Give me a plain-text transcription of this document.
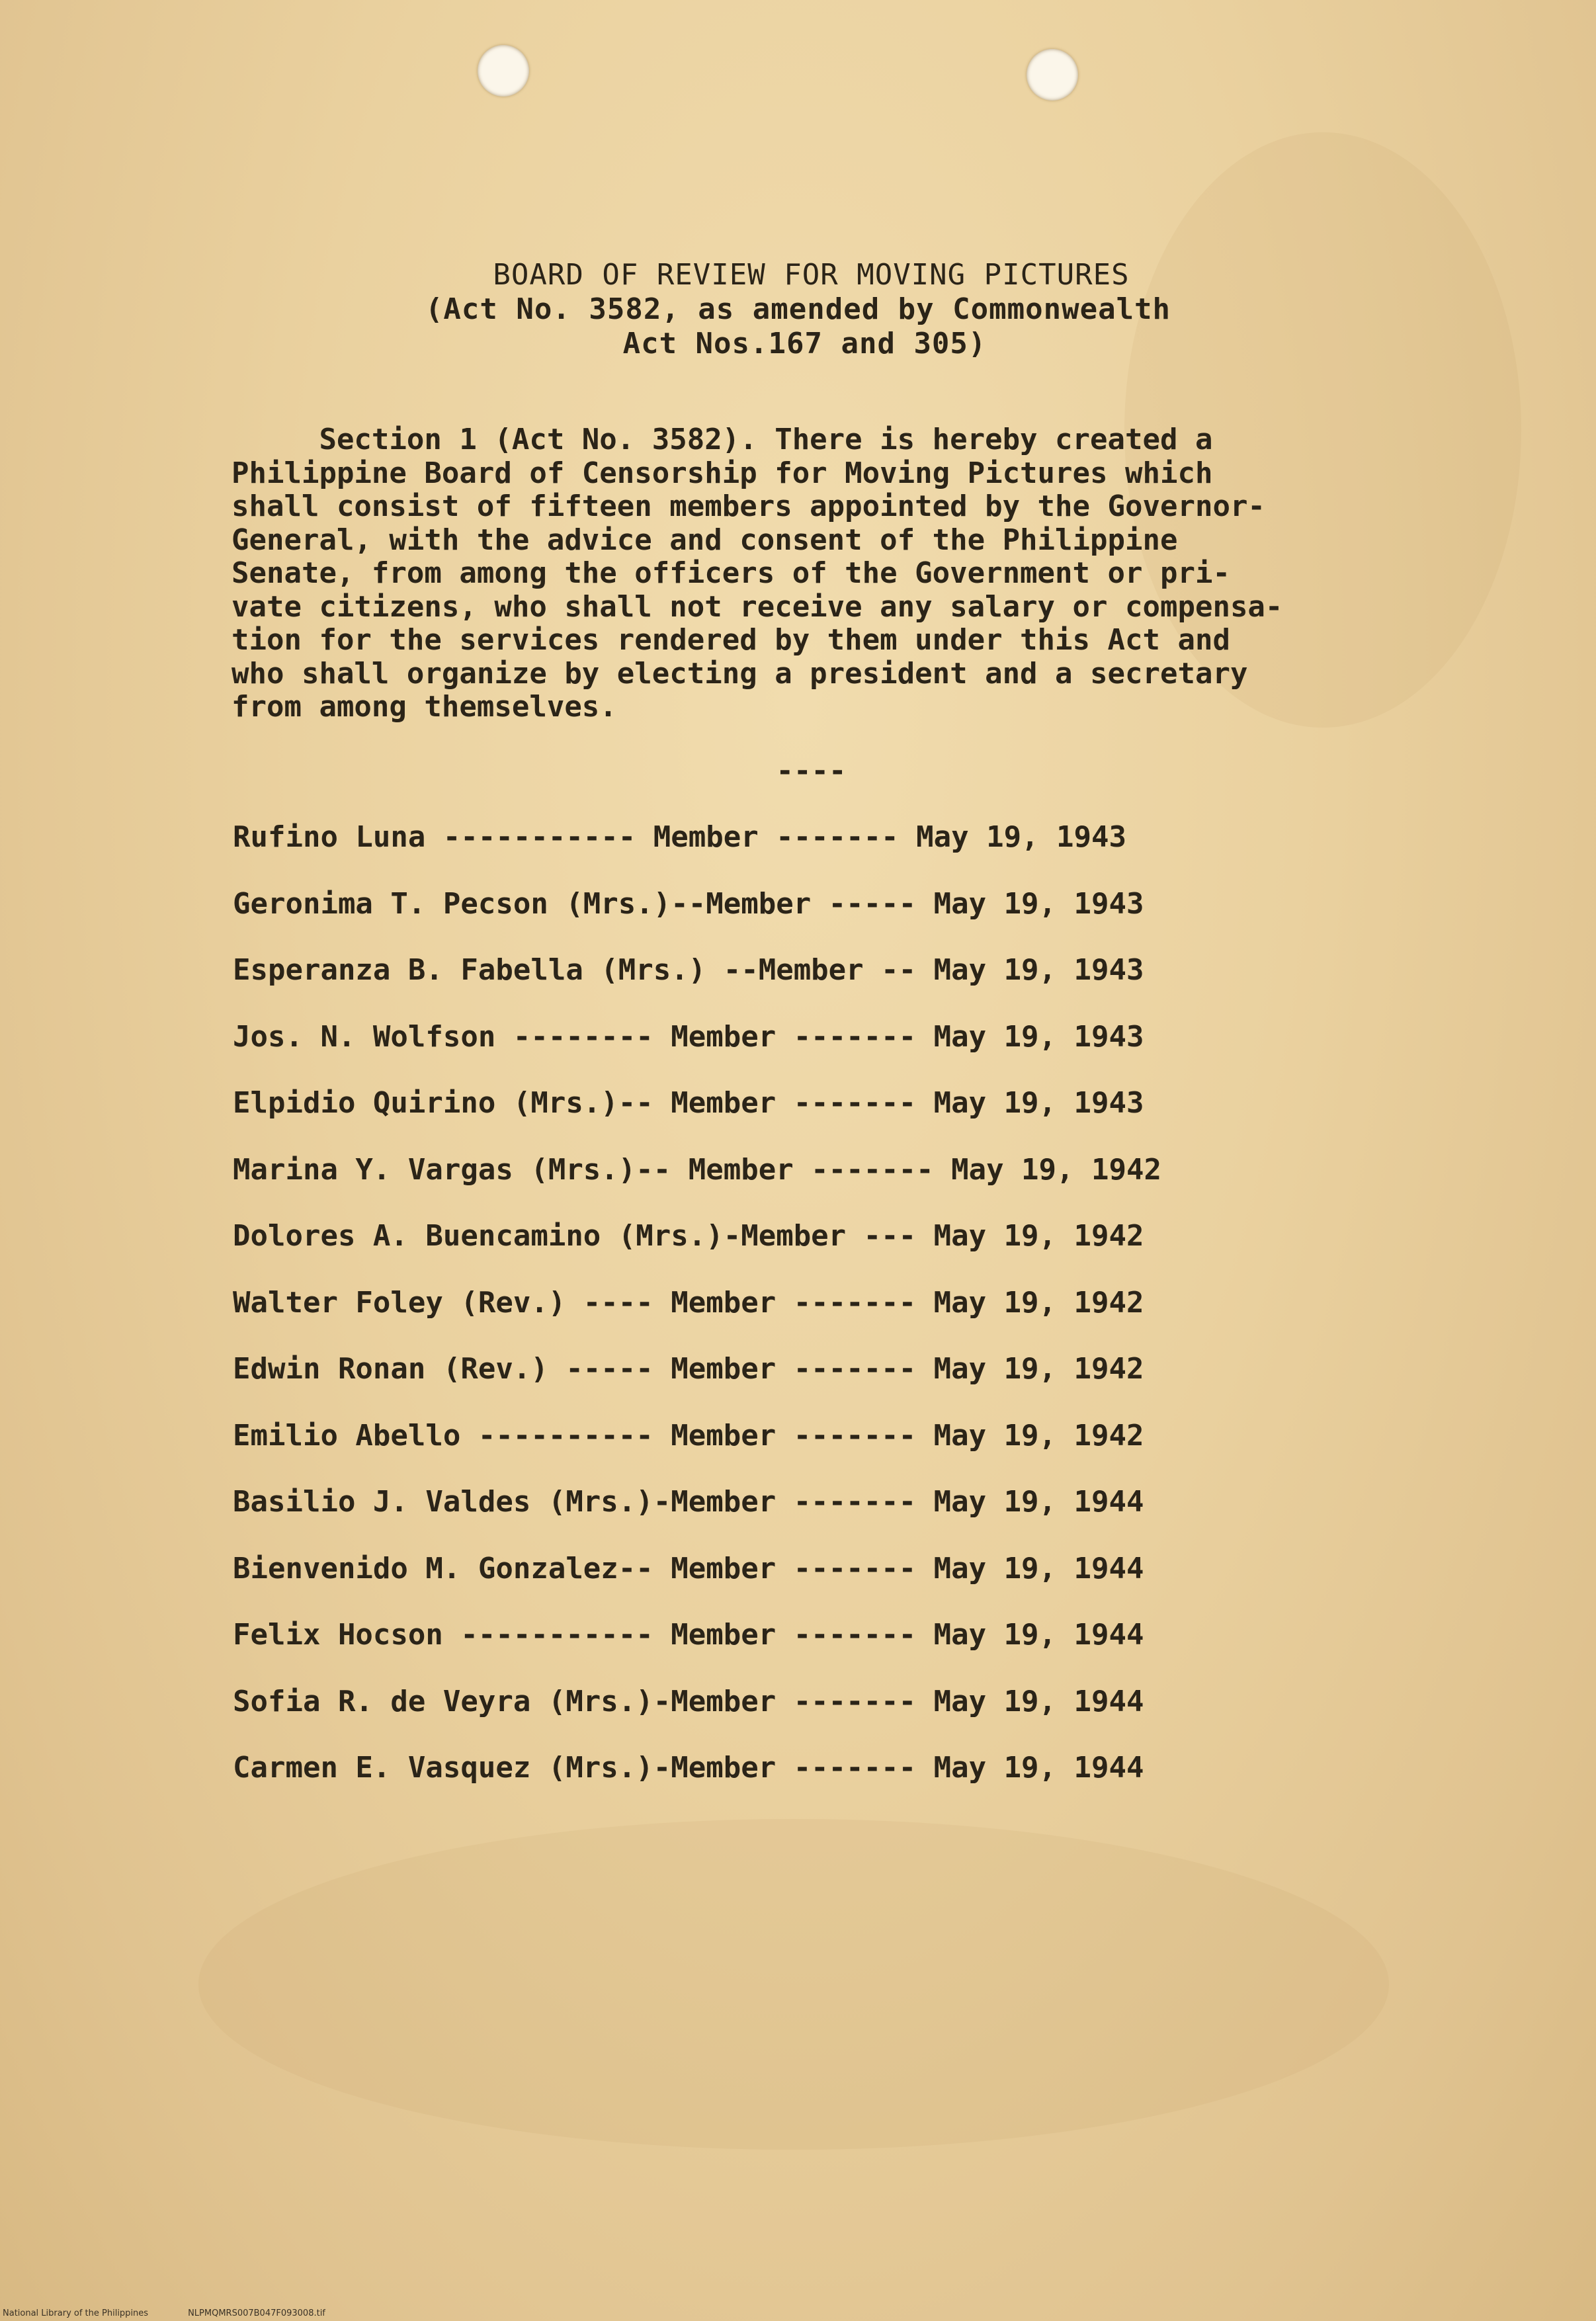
BOARD OF REVIEW FOR MOVING PICTURES
(Act No. 3582, as amended by Commonwealth
Act Nos.167 and 305)
Section 1 (Act No. 3582). There is hereby created a
Philippine Board of Censorship for Moving Pictures which
shall consist of fifteen members appointed by the Governor-
General, with the advice and consent of the Philippine
Senate, from among the officers of the Government or pri-
vate citizens, who shall not receive any salary or compensa-
tion for the services rendered by them under this Act and
who shall organize by electing a president and a secretary
from among themselves.
----
Rufino Luna ----------- Member ------- May 19, 1943
Geronima T. Pecson (Mrs.)--Member ----- May 19, 1943
Esperanza B. Fabella (Mrs.) --Member -- May 19, 1943
Jos. N. Wolfson -------- Member ------- May 19, 1943
Elpidio Quirino (Mrs.)-- Member ------- May 19, 1943
Marina Y. Vargas (Mrs.)-- Member ------- May 19, 1942
Dolores A. Buencamino (Mrs.)-Member --- May 19, 1942
Walter Foley (Rev.) ---- Member ------- May 19, 1942
Edwin Ronan (Rev.) ----- Member ------- May 19, 1942
Emilio Abello ---------- Member ------- May 19, 1942
Basilio J. Valdes (Mrs.)-Member ------- May 19, 1944
Bienvenido M. Gonzalez-- Member ------- May 19, 1944
Felix Hocson ----------- Member ------- May 19, 1944
Sofia R. de Veyra (Mrs.)-Member ------- May 19, 1944
Carmen E. Vasquez (Mrs.)-Member ------- May 19, 1944
National Library of the Philippines	NLPMQMRS007B047F093008.tif
